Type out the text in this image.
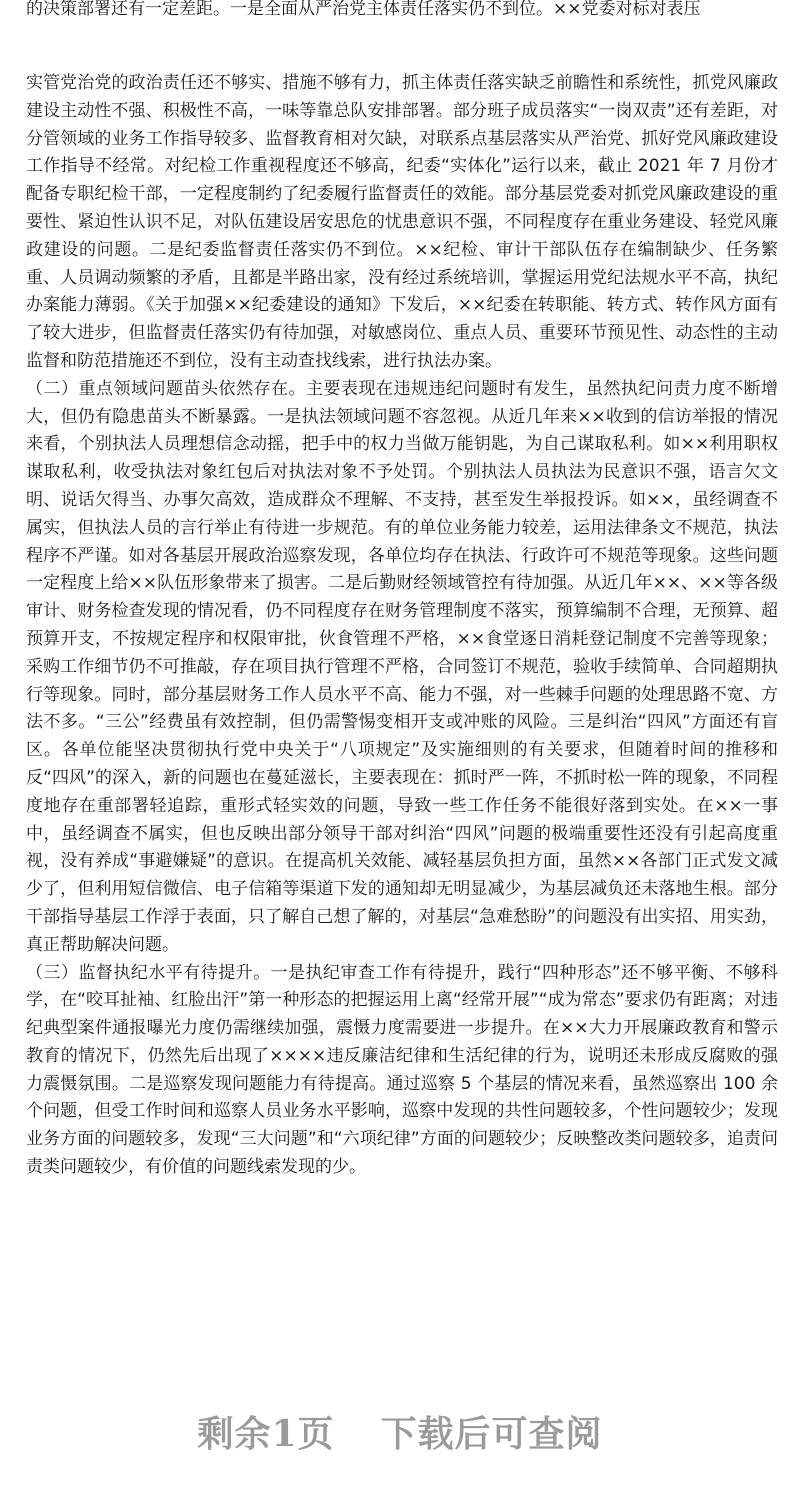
的决策部署还有一定差距。一是全面从严治党主体责任落实仍不到位。××党委对标对表压

实管党治党的政治责任还不够实、措施不够有力，抓主体责任落实缺乏前瞻性和系统性，抓党风廉政建设主动性不强、积极性不高，一味等靠总队安排部署。部分班子成员落实“一岗双责”还有差距，对分管领域的业务工作指导较多、监督教育相对欠缺，对联系点基层落实从严治党、抓好党风廉政建设工作指导不经常。对纪检工作重视程度还不够高，纪委“实体化”运行以来，截止 2021 年 7 月份才配备专职纪检干部，一定程度制约了纪委履行监督责任的效能。部分基层党委对抓党风廉政建设的重要性、紧迫性认识不足，对队伍建设居安思危的忧患意识不强，不同程度存在重业务建设、轻党风廉政建设的问题。二是纪委监督责任落实仍不到位。××纪检、审计干部队伍存在编制缺少、任务繁重、人员调动频繁的矛盾，且都是半路出家，没有经过系统培训，掌握运用党纪法规水平不高，执纪办案能力薄弱。《关于加强××纪委建设的通知》下发后，××纪委在转职能、转方式、转作风方面有了较大进步，但监督责任落实仍有待加强，对敏感岗位、重点人员、重要环节预见性、动态性的主动监督和防范措施还不到位，没有主动查找线索，进行执法办案。

（二）重点领域问题苗头依然存在。主要表现在违规违纪问题时有发生，虽然执纪问责力度不断增大，但仍有隐患苗头不断暴露。一是执法领域问题不容忽视。从近几年来××收到的信访举报的情况来看，个别执法人员理想信念动摇，把手中的权力当做万能钥匙，为自己谋取私利。如××利用职权谋取私利，收受执法对象红包后对执法对象不予处罚。个别执法人员执法为民意识不强，语言欠文明、说话欠得当、办事欠高效，造成群众不理解、不支持，甚至发生举报投诉。如××，虽经调查不属实，但执法人员的言行举止有待进一步规范。有的单位业务能力较差，运用法律条文不规范，执法程序不严谨。如对各基层开展政治巡察发现，各单位均存在执法、行政许可不规范等现象。这些问题一定程度上给××队伍形象带来了损害。二是后勤财经领域管控有待加强。从近几年××、××等各级审计、财务检查发现的情况看，仍不同程度存在财务管理制度不落实，预算编制不合理，无预算、超预算开支，不按规定程序和权限审批，伙食管理不严格，××食堂逐日消耗登记制度不完善等现象；采购工作细节仍不可推敲，存在项目执行管理不严格，合同签订不规范，验收手续简单、合同超期执行等现象。同时，部分基层财务工作人员水平不高、能力不强，对一些棘手问题的处理思路不宽、方法不多。“三公”经费虽有效控制，但仍需警惕变相开支或冲账的风险。三是纠治“四风”方面还有盲区。各单位能坚决贯彻执行党中央关于“八项规定”及实施细则的有关要求，但随着时间的推移和反“四风”的深入，新的问题也在蔓延滋长，主要表现在：抓时严一阵，不抓时松一阵的现象，不同程度地存在重部署轻追踪，重形式轻实效的问题，导致一些工作任务不能很好落到实处。在××一事中，虽经调查不属实，但也反映出部分领导干部对纠治“四风”问题的极端重要性还没有引起高度重视，没有养成“事避嫌疑”的意识。在提高机关效能、减轻基层负担方面，虽然××各部门正式发文减少了，但利用短信微信、电子信箱等渠道下发的通知却无明显减少，为基层减负还未落地生根。部分干部指导基层工作浮于表面，只了解自己想了解的，对基层“急难愁盼”的问题没有出实招、用实劲，真正帮助解决问题。

（三）监督执纪水平有待提升。一是执纪审查工作有待提升，践行“四种形态”还不够平衡、不够科学，在“咬耳扯袖、红脸出汗”第一种形态的把握运用上离“经常开展”“成为常态”要求仍有距离；对违纪典型案件通报曝光力度仍需继续加强，震慑力度需要进一步提升。在××大力开展廉政教育和警示教育的情况下，仍然先后出现了××××违反廉洁纪律和生活纪律的行为，说明还未形成反腐败的强力震慑氛围。二是巡察发现问题能力有待提高。通过巡察 5 个基层的情况来看，虽然巡察出 100 余个问题，但受工作时间和巡察人员业务水平影响，巡察中发现的共性问题较多，个性问题较少；发现业务方面的问题较多，发现“三大问题”和“六项纪律”方面的问题较少；反映整改类问题较多，追责问责类问题较少，有价值的问题线索发现的少。

剩余1页 下载后可查阅
